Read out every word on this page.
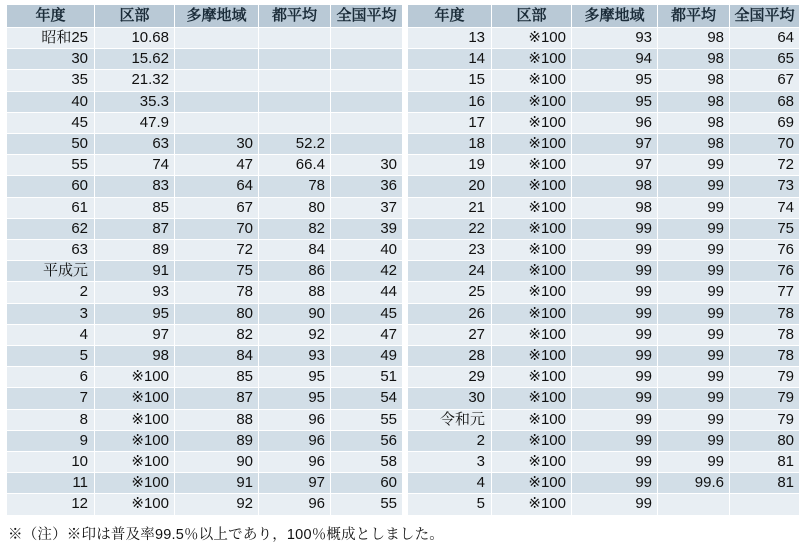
年度	区部	多摩地域	都平均	全国平均
昭和25	10.68			
30	15.62			
35	21.32			
40	35.3			
45	47.9			
50	63	30	52.2	
55	74	47	66.4	30
60	83	64	78	36
61	85	67	80	37
62	87	70	82	39
63	89	72	84	40
平成元	91	75	86	42
2	93	78	88	44
3	95	80	90	45
4	97	82	92	47
5	98	84	93	49
6	※100	85	95	51
7	※100	87	95	54
8	※100	88	96	55
9	※100	89	96	56
10	※100	90	96	58
11	※100	91	97	60
12	※100	92	96	55
年度	区部	多摩地域	都平均	全国平均
13	※100	93	98	64
14	※100	94	98	65
15	※100	95	98	67
16	※100	95	98	68
17	※100	96	98	69
18	※100	97	98	70
19	※100	97	99	72
20	※100	98	99	73
21	※100	98	99	74
22	※100	99	99	75
23	※100	99	99	76
24	※100	99	99	76
25	※100	99	99	77
26	※100	99	99	78
27	※100	99	99	78
28	※100	99	99	78
29	※100	99	99	79
30	※100	99	99	79
令和元	※100	99	99	79
2	※100	99	99	80
3	※100	99	99	81
4	※100	99	99.6	81
5	※100	99		
※（注）※印は普及率99.5％以上であり，100％概成としました。
